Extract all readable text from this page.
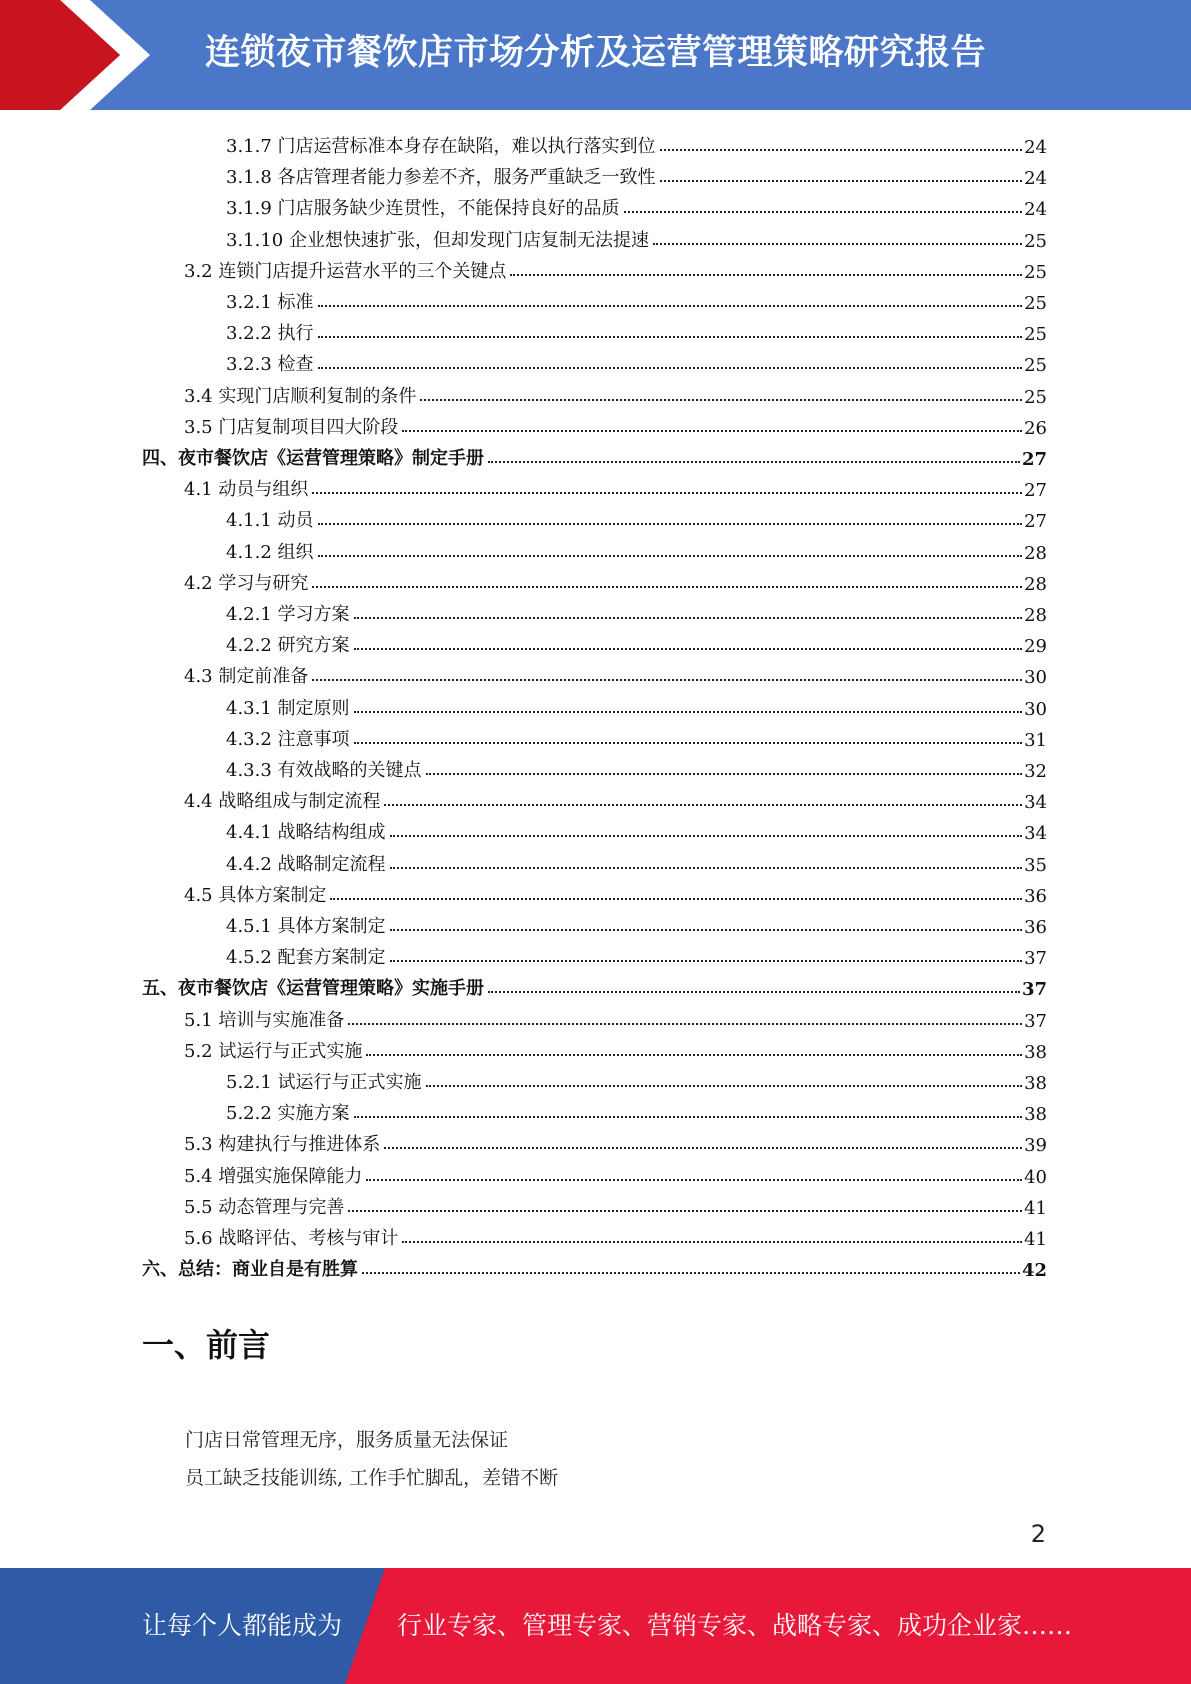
连锁夜市餐饮店市场分析及运营管理策略研究报告
3.1.7 门店运营标准本身存在缺陷，难以执行落实到位	24
3.1.8 各店管理者能力参差不齐，服务严重缺乏一致性	24
3.1.9 门店服务缺少连贯性，不能保持良好的品质	24
3.1.10 企业想快速扩张，但却发现门店复制无法提速	25
3.2 连锁门店提升运营水平的三个关键点	25
3.2.1 标准	25
3.2.2 执行	25
3.2.3 检查	25
3.4 实现门店顺利复制的条件	25
3.5 门店复制项目四大阶段	26
四、夜市餐饮店《运营管理策略》制定手册	27
4.1 动员与组织	27
4.1.1 动员	27
4.1.2 组织	28
4.2 学习与研究	28
4.2.1 学习方案	28
4.2.2 研究方案	29
4.3 制定前准备	30
4.3.1 制定原则	30
4.3.2 注意事项	31
4.3.3 有效战略的关键点	32
4.4 战略组成与制定流程	34
4.4.1 战略结构组成	34
4.4.2 战略制定流程	35
4.5 具体方案制定	36
4.5.1 具体方案制定	36
4.5.2 配套方案制定	37
五、夜市餐饮店《运营管理策略》实施手册	37
5.1 培训与实施准备	37
5.2 试运行与正式实施	38
5.2.1 试运行与正式实施	38
5.2.2 实施方案	38
5.3 构建执行与推进体系	39
5.4 增强实施保障能力	40
5.5 动态管理与完善	41
5.6 战略评估、考核与审计	41
六、总结：商业自是有胜算	42
一、前言
门店日常管理无序，服务质量无法保证
员工缺乏技能训练, 工作手忙脚乱，差错不断
2
让每个人都能成为 行业专家、管理专家、营销专家、战略专家、成功企业家……
